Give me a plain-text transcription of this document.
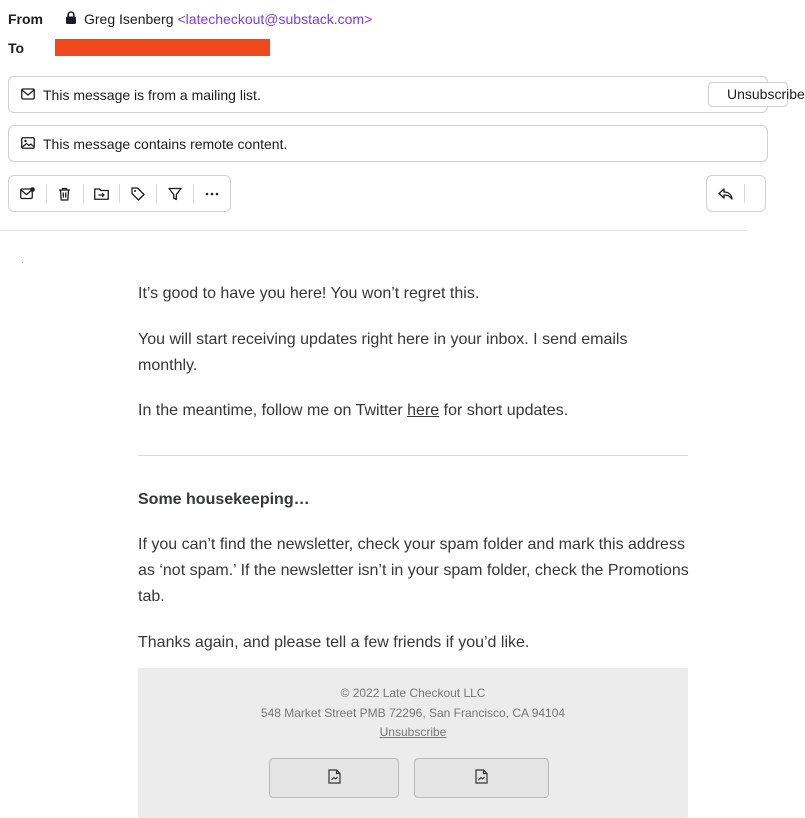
From	Greg Isenberg <latecheckout@substack.com>
To
This message is from a mailing list.	Unsubscribe
This message contains remote content.

It’s good to have you here! You won’t regret this.

You will start receiving updates right here in your inbox. I send emails monthly.

In the meantime, follow me on Twitter here for short updates.

Some housekeeping…

If you can’t find the newsletter, check your spam folder and mark this address as ‘not spam.’ If the newsletter isn’t in your spam folder, check the Promotions tab.

Thanks again, and please tell a few friends if you’d like.

© 2022 Late Checkout LLC
548 Market Street PMB 72296, San Francisco, CA 94104
Unsubscribe
